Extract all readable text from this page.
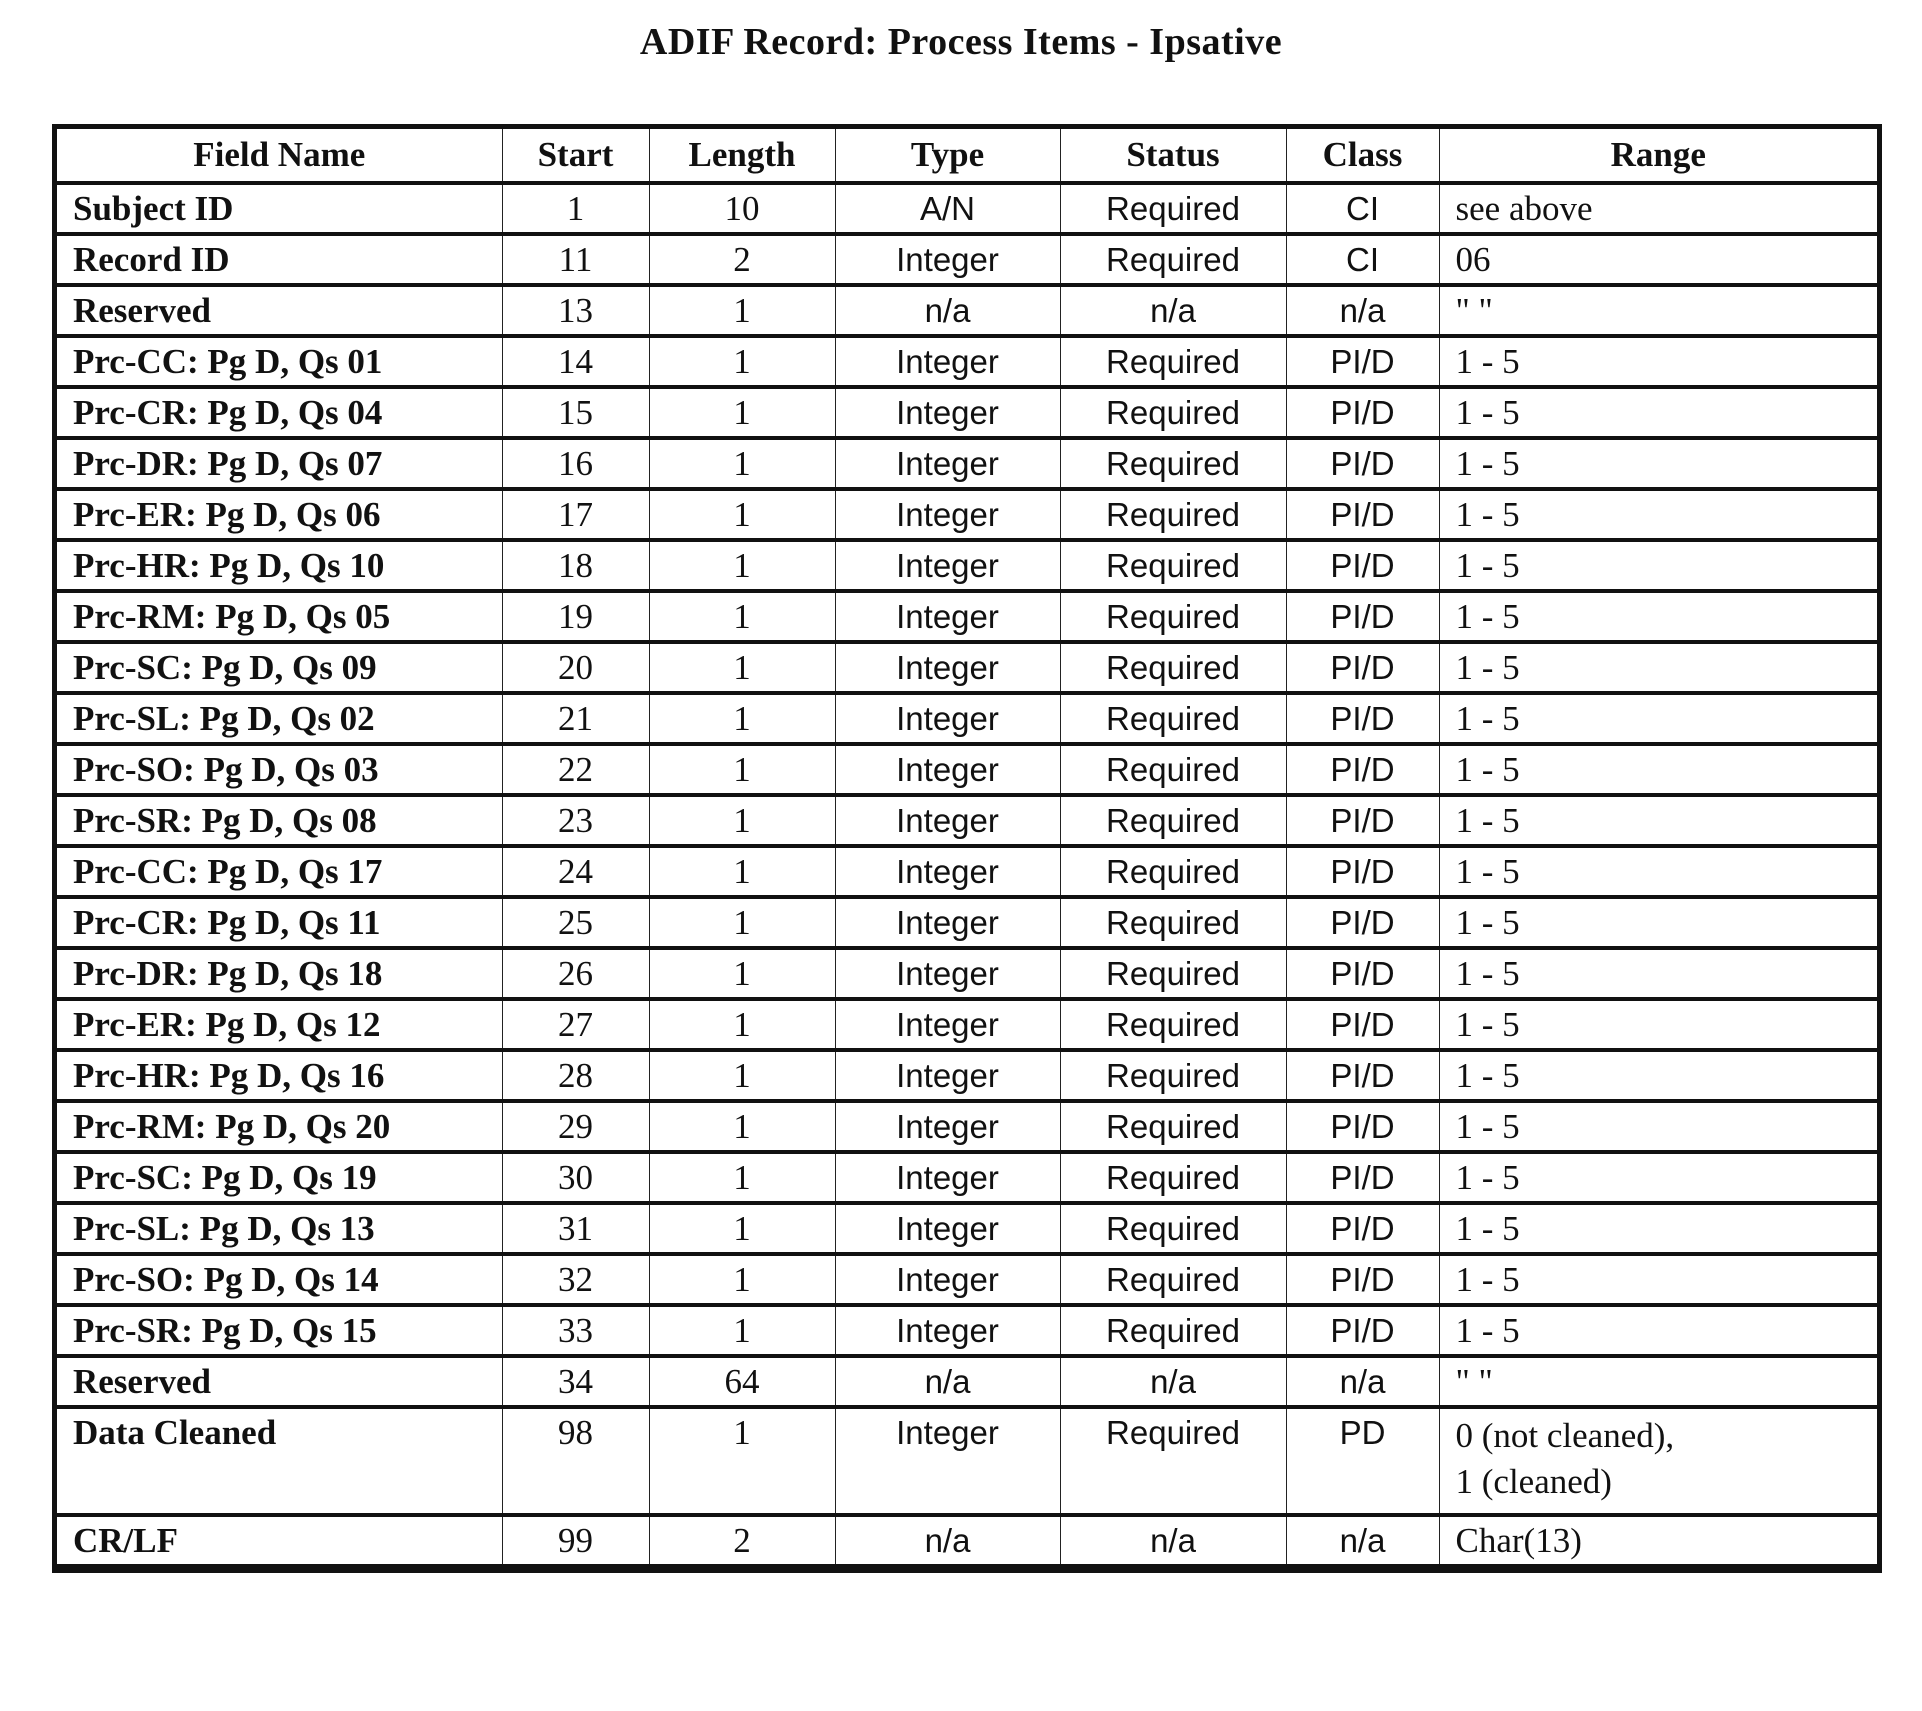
ADIF Record: Process Items - Ipsative
Field Name	Start	Length	Type	Status	Class	Range
Subject ID	1	10	A/N	Required	CI	see above
Record ID	11	2	Integer	Required	CI	06
Reserved	13	1	n/a	n/a	n/a	" "
Prc-CC: Pg D, Qs 01	14	1	Integer	Required	PI/D	1 - 5
Prc-CR: Pg D, Qs 04	15	1	Integer	Required	PI/D	1 - 5
Prc-DR: Pg D, Qs 07	16	1	Integer	Required	PI/D	1 - 5
Prc-ER: Pg D, Qs 06	17	1	Integer	Required	PI/D	1 - 5
Prc-HR: Pg D, Qs 10	18	1	Integer	Required	PI/D	1 - 5
Prc-RM: Pg D, Qs 05	19	1	Integer	Required	PI/D	1 - 5
Prc-SC: Pg D, Qs 09	20	1	Integer	Required	PI/D	1 - 5
Prc-SL: Pg D, Qs 02	21	1	Integer	Required	PI/D	1 - 5
Prc-SO: Pg D, Qs 03	22	1	Integer	Required	PI/D	1 - 5
Prc-SR: Pg D, Qs 08	23	1	Integer	Required	PI/D	1 - 5
Prc-CC: Pg D, Qs 17	24	1	Integer	Required	PI/D	1 - 5
Prc-CR: Pg D, Qs 11	25	1	Integer	Required	PI/D	1 - 5
Prc-DR: Pg D, Qs 18	26	1	Integer	Required	PI/D	1 - 5
Prc-ER: Pg D, Qs 12	27	1	Integer	Required	PI/D	1 - 5
Prc-HR: Pg D, Qs 16	28	1	Integer	Required	PI/D	1 - 5
Prc-RM: Pg D, Qs 20	29	1	Integer	Required	PI/D	1 - 5
Prc-SC: Pg D, Qs 19	30	1	Integer	Required	PI/D	1 - 5
Prc-SL: Pg D, Qs 13	31	1	Integer	Required	PI/D	1 - 5
Prc-SO: Pg D, Qs 14	32	1	Integer	Required	PI/D	1 - 5
Prc-SR: Pg D, Qs 15	33	1	Integer	Required	PI/D	1 - 5
Reserved	34	64	n/a	n/a	n/a	" "
Data Cleaned	98	1	Integer	Required	PD	0 (not cleaned),
1 (cleaned)

CR/LF	99	2	n/a	n/a	n/a	Char(13)
